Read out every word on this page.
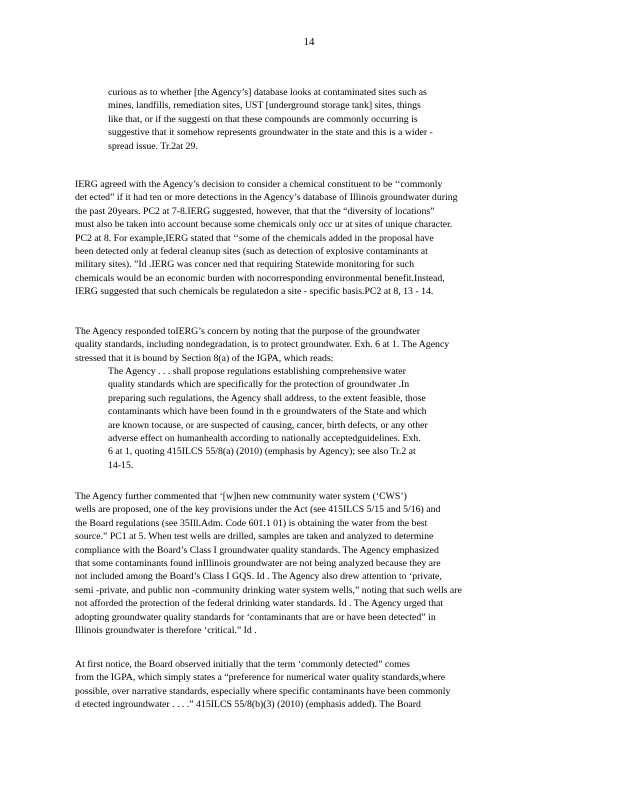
14
curious as to whether [the Agency’s] database looks at contaminated sites such as
mines, landfills, remediation sites, UST [underground storage tank] sites, things
like that, or if the suggesti on that these compounds are commonly occurring is
suggestive that it somehow represents groundwater in the state and this is a wider -
spread issue. Tr.2at 29.
IERG agreed with the Agency’s decision to consider a chemical constituent to be ‘‘commonly
det ected” if it had ten or more detections in the Agency’s database of Illinois groundwater during
the past 20years. PC2 at 7-8.IERG suggested, however, that that the “diversity of locations”
must also be taken into account because some chemicals only occ ur at sites of unique character.
PC2 at 8. For example,IERG stated that ‘‘some of the chemicals added in the proposal have
been detected only at federal cleanup sites (such as detection of explosive contaminants at
military sites). ”Id .IERG was concer ned that requiring Statewide monitoring for such
chemicals would be an economic burden with nocorresponding environmental benefit.Instead,
IERG suggested that such chemicals be regulatedon a site - specific basis.PC2 at 8, 13 - 14.
The Agency responded toIERG’s concern by noting that the purpose of the groundwater
quality standards, including nondegradation, is to protect groundwater. Exh. 6 at 1. The Agency
stressed that it is bound by Section 8(a) of the IGPA, which reads:
The Agency . . . shall propose regulations establishing comprehensive water
quality standards which are specifically for the protection of groundwater .In
preparing such regulations, the Agency shall address, to the extent feasible, those
contaminants which have been found in th e groundwaters of the State and which
are known tocause, or are suspected of causing, cancer, birth defects, or any other
adverse effect on humanhealth according to nationally acceptedguidelines. Exh.
6 at 1, quoting 415ILCS 55/8(a) (2010) (emphasis by Agency); see also Tr.2 at
14-15.
The Agency further commented that ‘[w]hen new community water system (‘CWS’)
wells are proposed, one of the key provisions under the Act (see 415ILCS 5/15 and 5/16) and
the Board regulations (see 35Ill.Adm. Code 601.1 01) is obtaining the water from the best
source.” PC1 at 5. When test wells are drilled, samples are taken and analyzed to determine
compliance with the Board’s Class I groundwater quality standards. The Agency emphasized
that some contaminants found inIllinois groundwater are not being analyzed because they are
not included among the Board’s Class I GQS. Id . The Agency also drew attention to ‘private,
semi -private, and public non -community drinking water system wells,” noting that such wells are
not afforded the protection of the federal drinking water standards. Id . The Agency urged that
adopting groundwater quality standards for ‘contaminants that are or have been detected” in
Illinois groundwater is therefore ‘critical.” Id .
At first notice, the Board observed initially that the term ‘commonly detected” comes
from the IGPA, which simply states a “preference for numerical water quality standards,where
possible, over narrative standards, especially where specific contaminants have been commonly
d etected ingroundwater . . . .” 415ILCS 55/8(b)(3) (2010) (emphasis added). The Board
